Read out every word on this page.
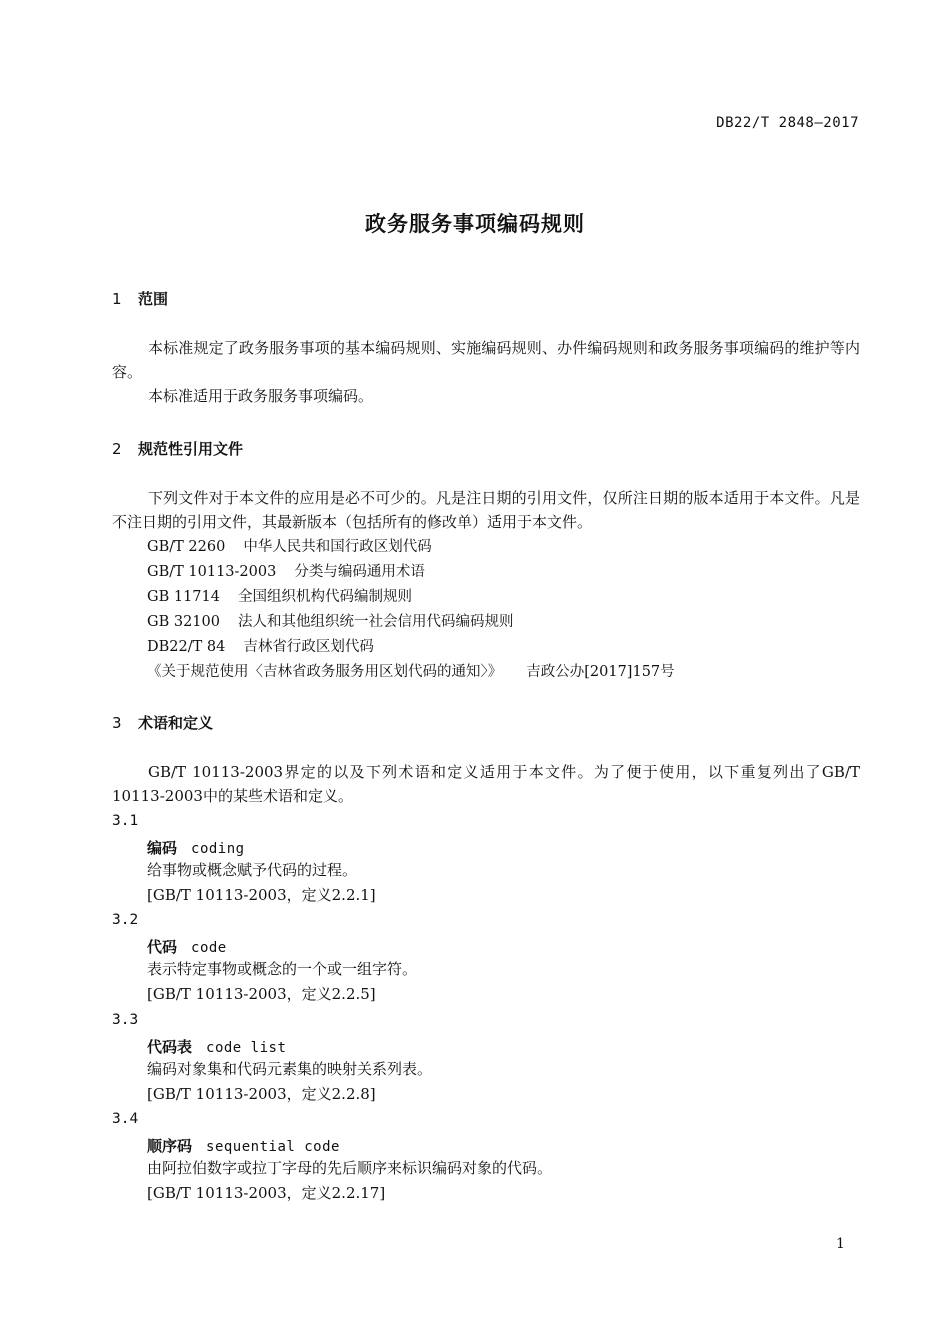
DB22/T 2848—2017
政务服务事项编码规则
1 范围
本标准规定了政务服务事项的基本编码规则、实施编码规则、办件编码规则和政务服务事项编码的维护等内容。
本标准适用于政务服务事项编码。
2 规范性引用文件
下列文件对于本文件的应用是必不可少的。凡是注日期的引用文件，仅所注日期的版本适用于本文件。凡是不注日期的引用文件，其最新版本（包括所有的修改单）适用于本文件。
GB/T 2260 中华人民共和国行政区划代码
GB/T 10113-2003 分类与编码通用术语
GB 11714 全国组织机构代码编制规则
GB 32100 法人和其他组织统一社会信用代码编码规则
DB22/T 84 吉林省行政区划代码
《关于规范使用〈吉林省政务服务用区划代码的通知〉》 吉政公办[2017]157号
3 术语和定义
GB/T 10113-2003界定的以及下列术语和定义适用于本文件。为了便于使用，以下重复列出了GB/T 10113-2003中的某些术语和定义。
3.1
编码 coding
给事物或概念赋予代码的过程。
[GB/T 10113-2003，定义2.2.1]
3.2
代码 code
表示特定事物或概念的一个或一组字符。
[GB/T 10113-2003，定义2.2.5]
3.3
代码表 code list
编码对象集和代码元素集的映射关系列表。
[GB/T 10113-2003，定义2.2.8]
3.4
顺序码 sequential code
由阿拉伯数字或拉丁字母的先后顺序来标识编码对象的代码。
[GB/T 10113-2003，定义2.2.17]
1
